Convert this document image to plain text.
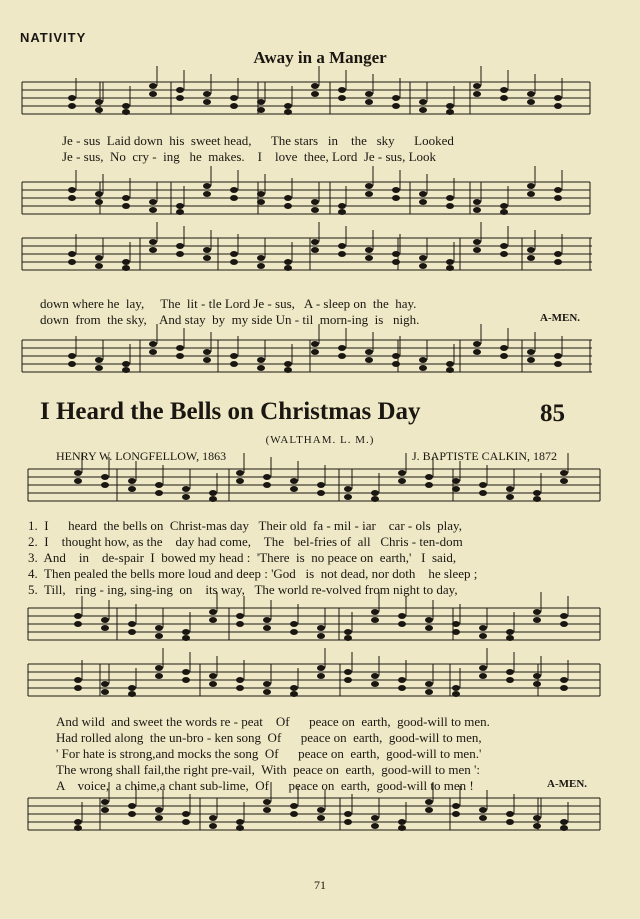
NATIVITY
Away in a Manger
Je - sus  Laid down  his  sweet head,      The stars   in    the   sky      Looked
Je - sus,  No  cry -  ing   he  makes.    I    love  thee, Lord  Je - sus, Look
down where he  lay,     The  lit - tle Lord Je - sus,   A - sleep on  the  hay.
down  from  the sky,    And stay  by  my side Un - til  morn-ing  is   nigh.	A-MEN.
I Heard the Bells on Christmas Day	85
(WALTHAM. L. M.)
HENRY W. LONGFELLOW, 1863	J. BAPTISTE CALKIN, 1872
1.  I      heard  the bells on  Christ-mas day   Their old  fa - mil - iar    car - ols  play,
2.  I    thought how, as the    day had come,    The   bel-fries of  all   Chris - ten-dom
3.  And    in    de-spair  I  bowed my head :  'There  is  no peace on  earth,'   I  said,
4.  Then pealed the bells more loud and deep : 'God   is  not dead, nor doth    he sleep ;
5.  Till,   ring - ing, sing-ing  on    its way,   The world re-volved from night to day,
And wild  and sweet the words re - peat    Of      peace on  earth,  good-will to men.
Had rolled along  the un-bro - ken song  Of      peace on  earth,  good-will to men,
' For hate is strong,and mocks the song  Of      peace on  earth,  good-will to men.'
The wrong shall fail,the right pre-vail,  With  peace on  earth,  good-will to men ':
A    voice,  a chime,a chant sub-lime,  Of      peace on  earth,  good-will to men !	A-MEN.
71
